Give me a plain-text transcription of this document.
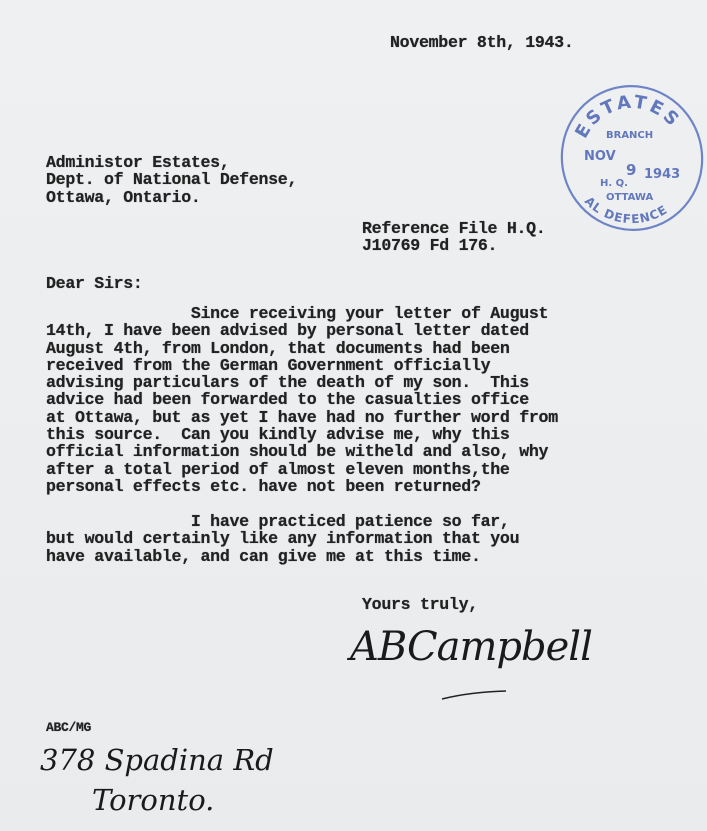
November 8th, 1943.
ESTATES
AL DEFENCE
BRANCH
NOV
9 1943
H. Q.
OTTAWA
Administor Estates,
Dept. of National Defense,
Ottawa, Ontario.
Reference File H.Q.
J10769 Fd 176.
Dear Sirs:
Since receiving your letter of August
14th, I have been advised by personal letter dated
August 4th, from London, that documents had been
received from the German Government officially
advising particulars of the death of my son.  This
advice had been forwarded to the casualties office
at Ottawa, but as yet I have had no further word from
this source.  Can you kindly advise me, why this
official information should be witheld and also, why
after a total period of almost eleven months,the
personal effects etc. have not been returned?
I have practiced patience so far,
but would certainly like any information that you
have available, and can give me at this time.
Yours truly,
ABCampbell
ABC/MG
378 Spadina Rd
Toronto.
